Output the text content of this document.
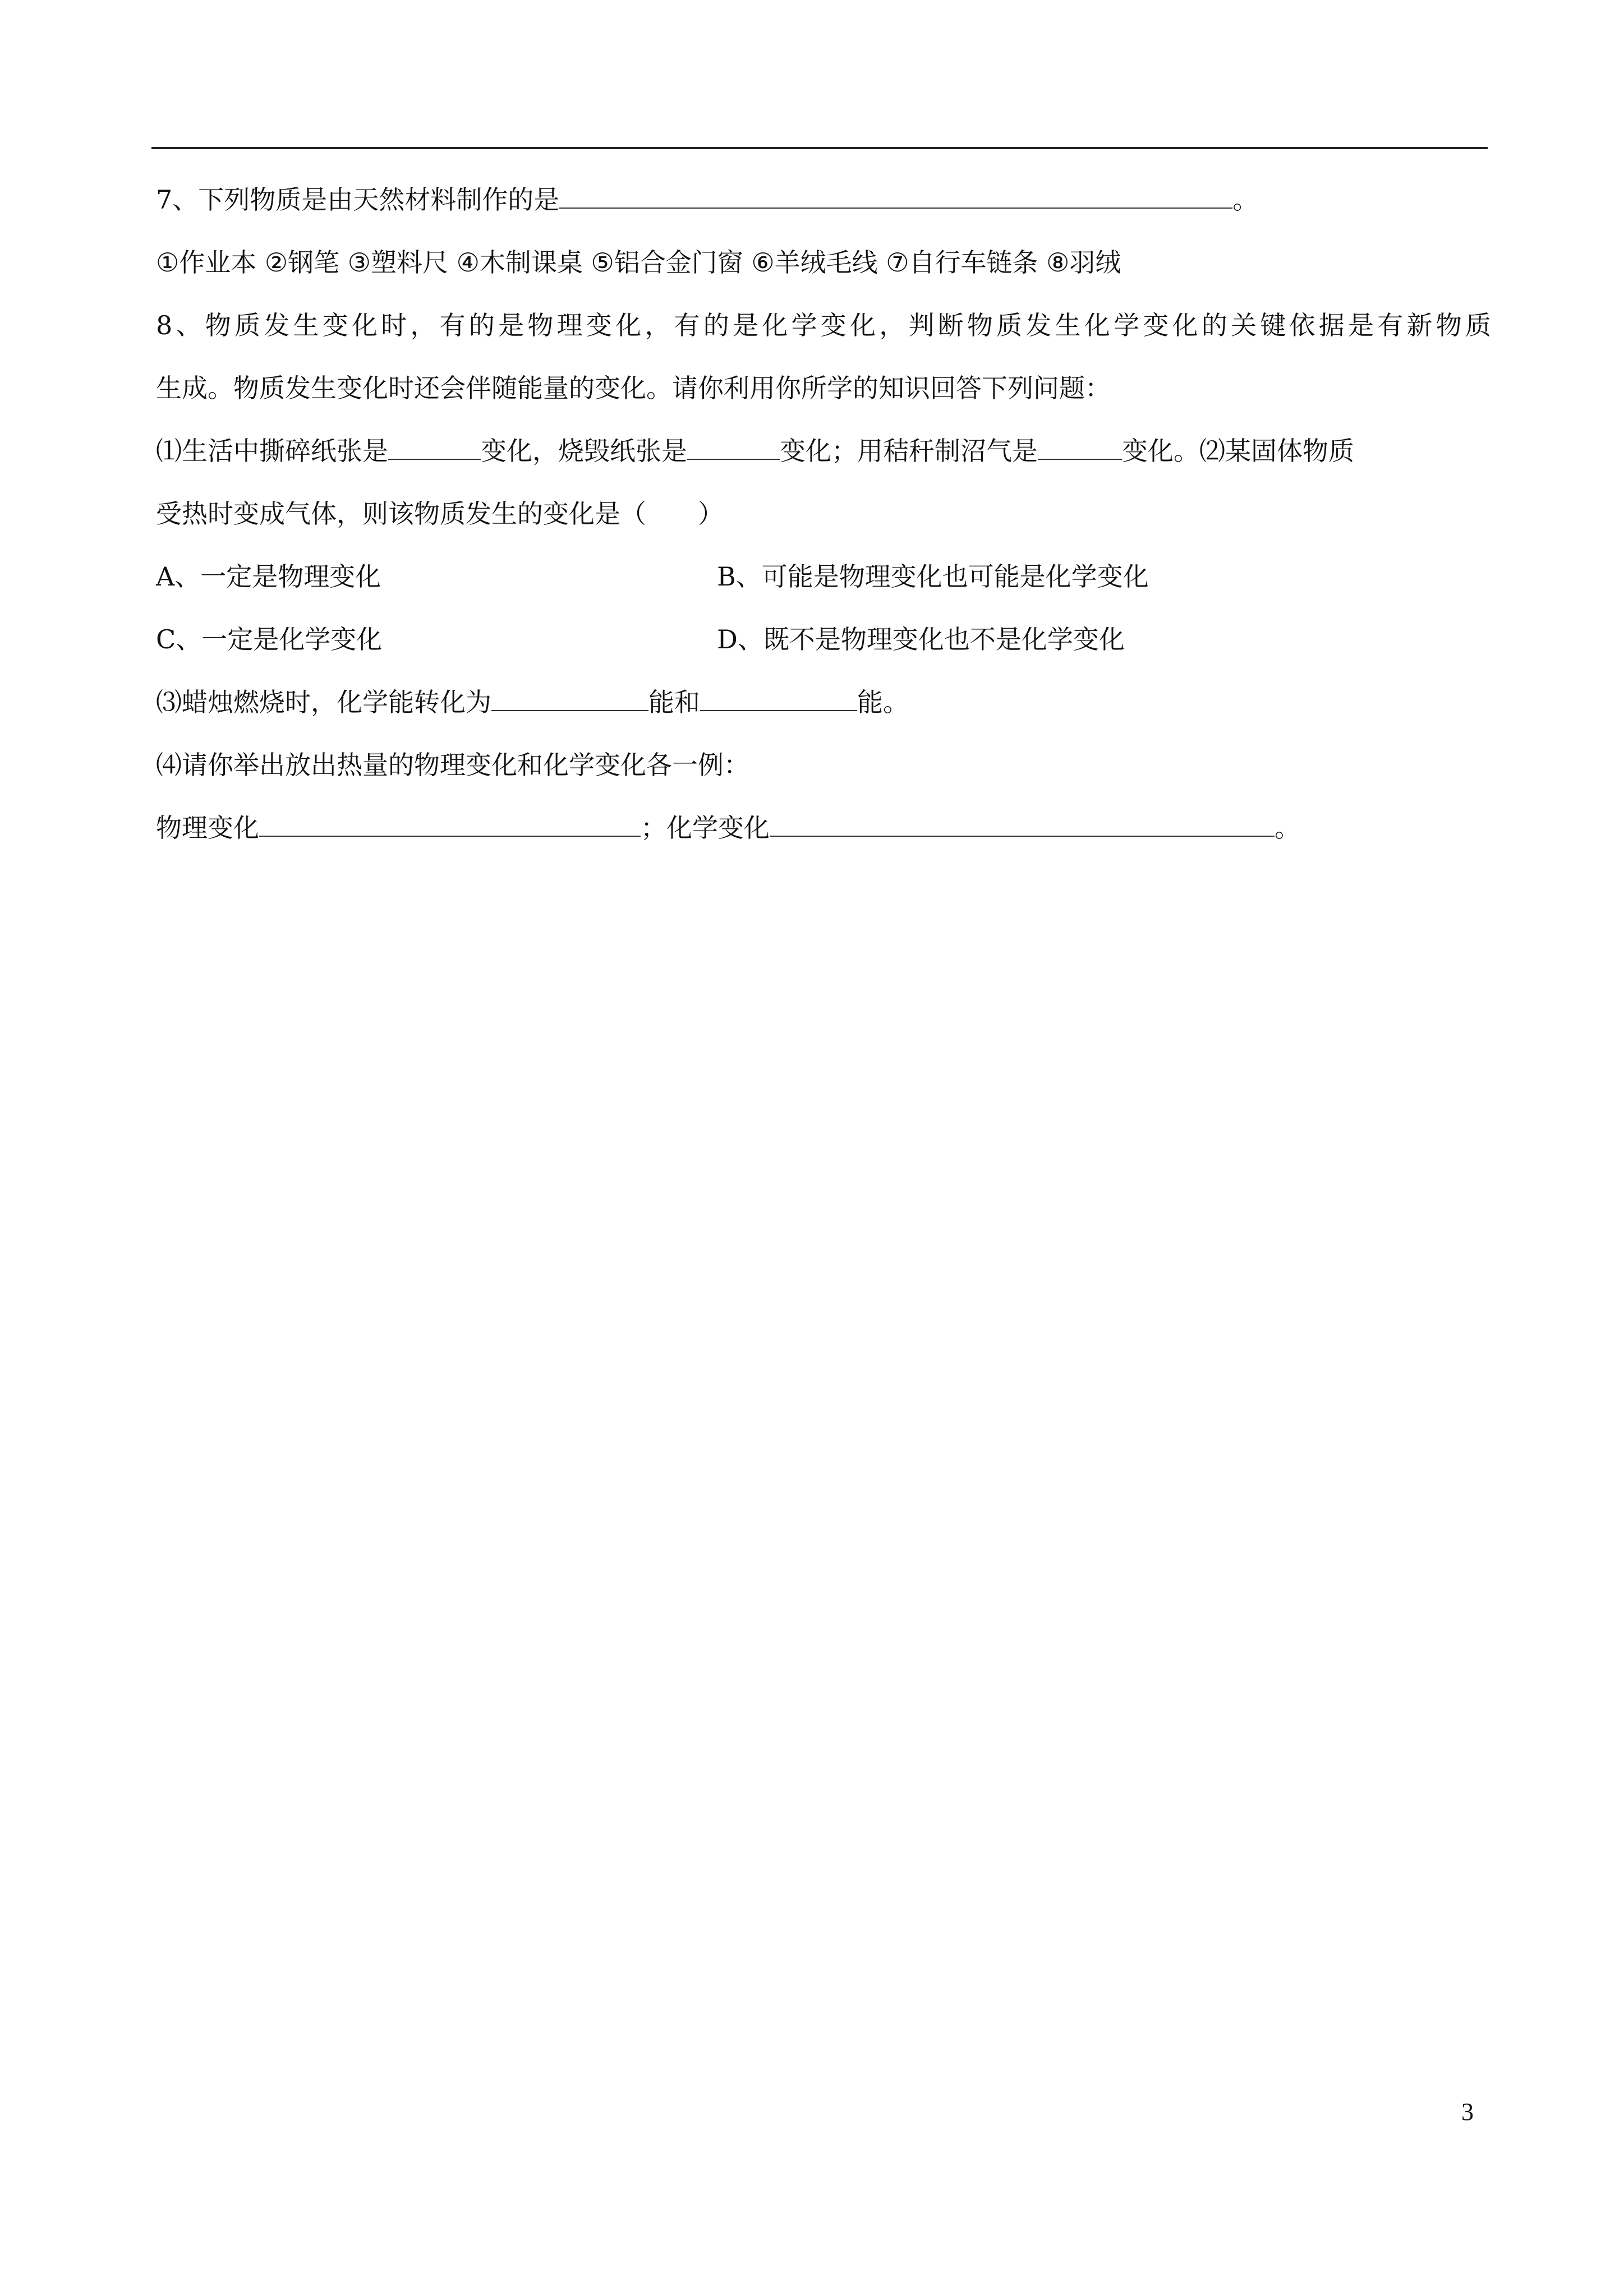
7、下列物质是由天然材料制作的是	。
①作业本 ②钢笔 ③塑料尺 ④木制课桌 ⑤铝合金门窗 ⑥羊绒毛线 ⑦自行车链条 ⑧羽绒
8、物质发生变化时，有的是物理变化，有的是化学变化，判断物质发生化学变化的关键依据是有新物质
生成。物质发生变化时还会伴随能量的变化。请你利用你所学的知识回答下列问题：
⑴生活中撕碎纸张是	变化，烧毁纸张是	变化；用秸秆制沼气是	变化。⑵某固体物质
受热时变成气体，则该物质发生的变化是（　　）
A、一定是物理变化	B、可能是物理变化也可能是化学变化
C、一定是化学变化	D、既不是物理变化也不是化学变化
⑶蜡烛燃烧时，化学能转化为	能和	能。
⑷请你举出放出热量的物理变化和化学变化各一例：
物理变化	；化学变化	。
3
